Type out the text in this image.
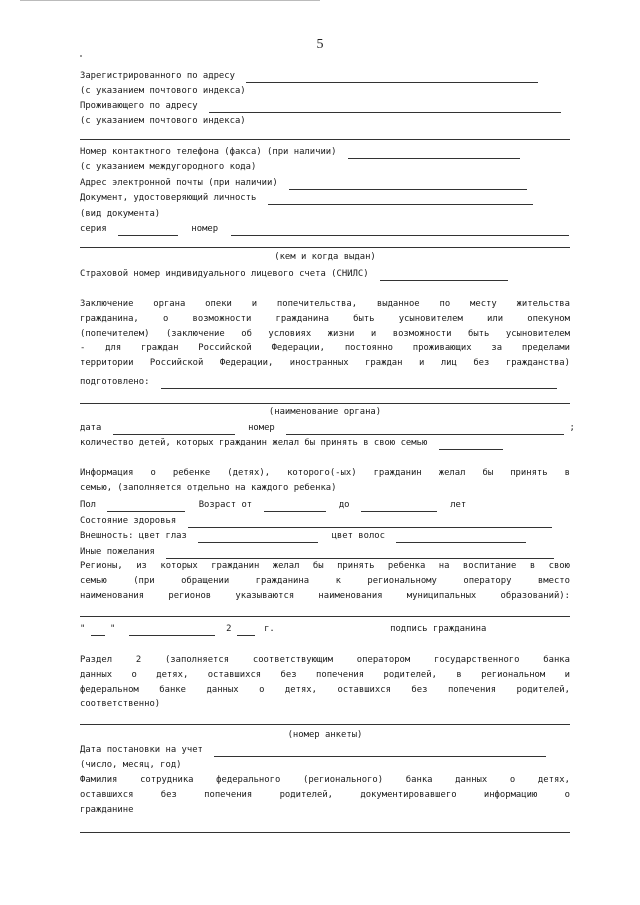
5
Зарегистрированного по адресу
(с указанием почтового индекса)
Проживающего по адресу
(с указанием почтового индекса)
Номер контактного телефона (факса) (при наличии)
(с указанием междугородного кода)
Адрес электронной почты (при наличии)
Документ, удостоверяющий личность
(вид документа)
серия	номер
(кем и когда выдан)
Страховой номер индивидуального лицевого счета (СНИЛС)
Заключение органа опеки и попечительства, выданное по месту жительства
гражданина, о возможности гражданина быть усыновителем или опекуном
(попечителем) (заключение об условиях жизни и возможности быть усыновителем
- для граждан Российской Федерации, постоянно проживающих за пределами
территории Российской Федерации, иностранных граждан и лиц без гражданства)
подготовлено:
(наименование органа)
дата	номер	;
количество детей, которых гражданин желал бы принять в свою семью
Информация о ребенке (детях), которого(-ых) гражданин желал бы принять в
семью, (заполняется отдельно на каждого ребенка)
Пол	Возраст от	до	лет
Состояние здоровья
Внешность: цвет глаз	цвет волос
Иные пожелания
Регионы, из которых гражданин желал бы принять ребенка на воспитание в свою
семью (при обращении гражданина к региональному оператору вместо
наименования регионов указываются наименования муниципальных образований):
"	"	2	г.	подпись гражданина
Раздел 2 (заполняется соответствующим оператором государственного банка
данных о детях, оставшихся без попечения родителей, в региональном и
федеральном банке данных о детях, оставшихся без попечения родителей,
соответственно)
(номер анкеты)
Дата постановки на учет
(число, месяц, год)
Фамилия сотрудника федерального (регионального) банка данных о детях,
оставшихся без попечения родителей, документировавшего информацию о
гражданине
